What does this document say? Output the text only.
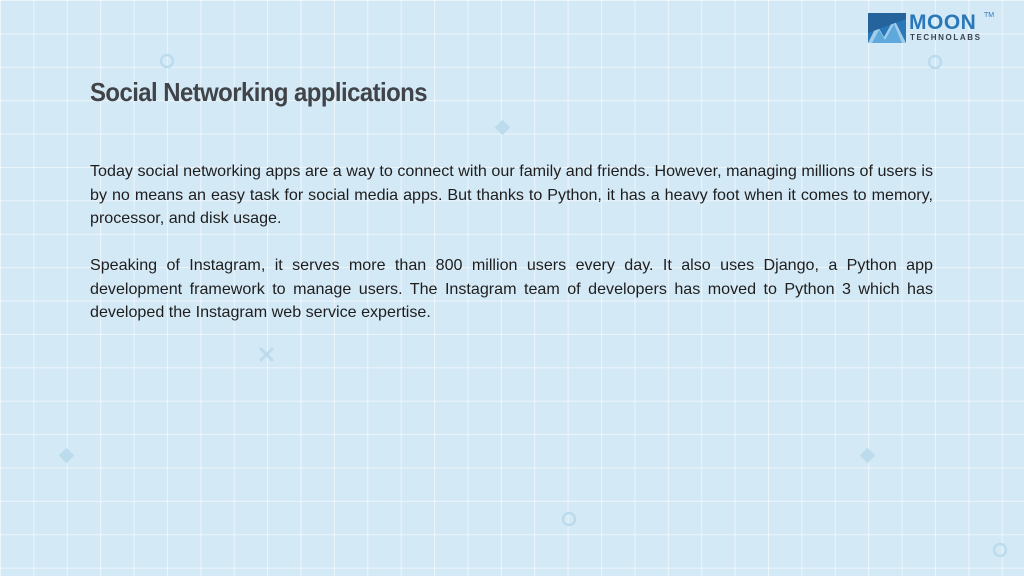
MOON TM
TECHNOLABS
Social Networking applications

Today social networking apps are a way to connect with our family and friends. However, managing millions of users is by no means an easy task for social media apps. But thanks to Python, it has a heavy foot when it comes to memory, processor, and disk usage.

Speaking of Instagram, it serves more than 800 million users every day. It also uses Django, a Python app development framework to manage users. The Instagram team of developers has moved to Python 3 which has developed the Instagram web service expertise.
